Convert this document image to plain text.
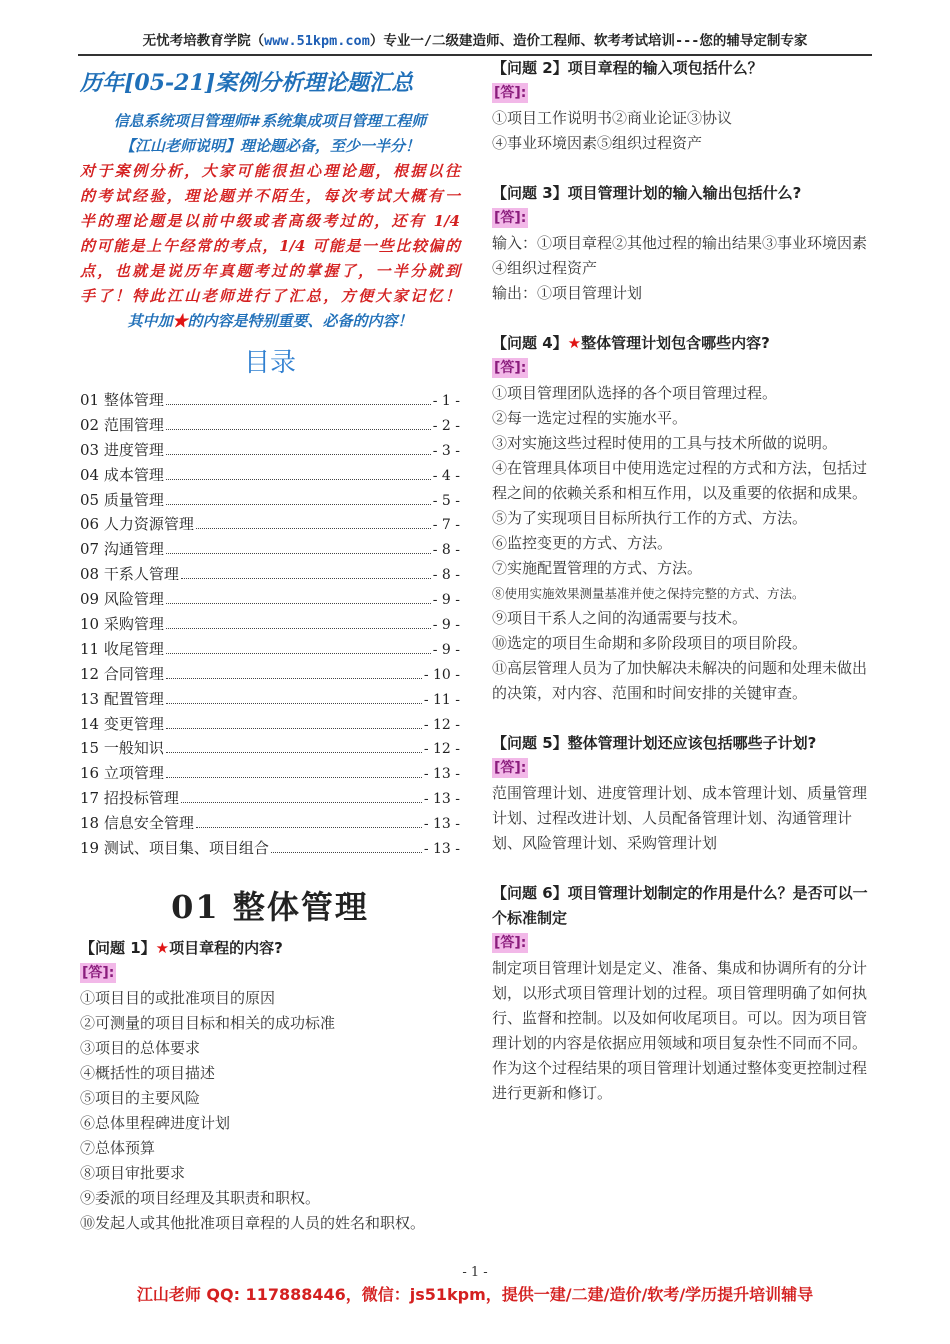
无忧考培教育学院（www.51kpm.com）专业一/二级建造师、造价工程师、软考考试培训---您的辅导定制专家
历年[05-21]案例分析理论题汇总
信息系统项目管理师#系统集成项目管理工程师
【江山老师说明】理论题必备，至少一半分！
对于案例分析，大家可能很担心理论题，根据以往
的考试经验，理论题并不陌生，每次考试大概有一
半的理论题是以前中级或者高级考过的，还有 1/4
的可能是上午经常的考点，1/4 可能是一些比较偏的
点，也就是说历年真题考过的掌握了，一半分就到
手了！特此江山老师进行了汇总，方便大家记忆！
其中加★的内容是特别重要、必备的内容！
目录
01 整体管理	- 1 -
02 范围管理	- 2 -
03 进度管理	- 3 -
04 成本管理	- 4 -
05 质量管理	- 5 -
06 人力资源管理	- 7 -
07 沟通管理	- 8 -
08 干系人管理	- 8 -
09 风险管理	- 9 -
10 采购管理	- 9 -
11 收尾管理	- 9 -
12 合同管理	- 10 -
13 配置管理	- 11 -
14 变更管理	- 12 -
15 一般知识	- 12 -
16 立项管理	- 13 -
17 招投标管理	- 13 -
18 信息安全管理	- 13 -
19 测试、项目集、项目组合	- 13 -
01 整体管理
【问题 1】★项目章程的内容?
[答]:
①项目目的或批准项目的原因
②可测量的项目目标和相关的成功标准
③项目的总体要求
④概括性的项目描述
⑤项目的主要风险
⑥总体里程碑进度计划
⑦总体预算
⑧项目审批要求
⑨委派的项目经理及其职责和职权。
⑩发起人或其他批准项目章程的人员的姓名和职权。
【问题 2】项目章程的输入项包括什么？
[答]:
①项目工作说明书②商业论证③协议
④事业环境因素⑤组织过程资产
【问题 3】项目管理计划的输入输出包括什么?
[答]:
输入：①项目章程②其他过程的输出结果③事业环境因素④组织过程资产
输出：①项目管理计划
【问题 4】★整体管理计划包含哪些内容?
[答]:
①项目管理团队选择的各个项目管理过程。
②每一选定过程的实施水平。
③对实施这些过程时使用的工具与技术所做的说明。
④在管理具体项目中使用选定过程的方式和方法，包括过程之间的依赖关系和相互作用，以及重要的依据和成果。
⑤为了实现项目目标所执行工作的方式、方法。
⑥监控变更的方式、方法。
⑦实施配置管理的方式、方法。
⑧使用实施效果测量基准并使之保持完整的方式、方法。
⑨项目干系人之间的沟通需要与技术。
⑩选定的项目生命期和多阶段项目的项目阶段。
⑪高层管理人员为了加快解决未解决的问题和处理未做出的决策，对内容、范围和时间安排的关键审查。
【问题 5】整体管理计划还应该包括哪些子计划?
[答]:
范围管理计划、进度管理计划、成本管理计划、质量管理计划、过程改进计划、人员配备管理计划、沟通管理计划、风险管理计划、采购管理计划
【问题 6】项目管理计划制定的作用是什么？是否可以一个标准制定
[答]:
制定项目管理计划是定义、准备、集成和协调所有的分计划，以形式项目管理计划的过程。项目管理明确了如何执行、监督和控制。以及如何收尾项目。可以。因为项目管理计划的内容是依据应用领域和项目复杂性不同而不同。作为这个过程结果的项目管理计划通过整体变更控制过程进行更新和修订。
- 1 -
江山老师 QQ: 117888446，微信：js51kpm，提供一建/二建/造价/软考/学历提升培训辅导
